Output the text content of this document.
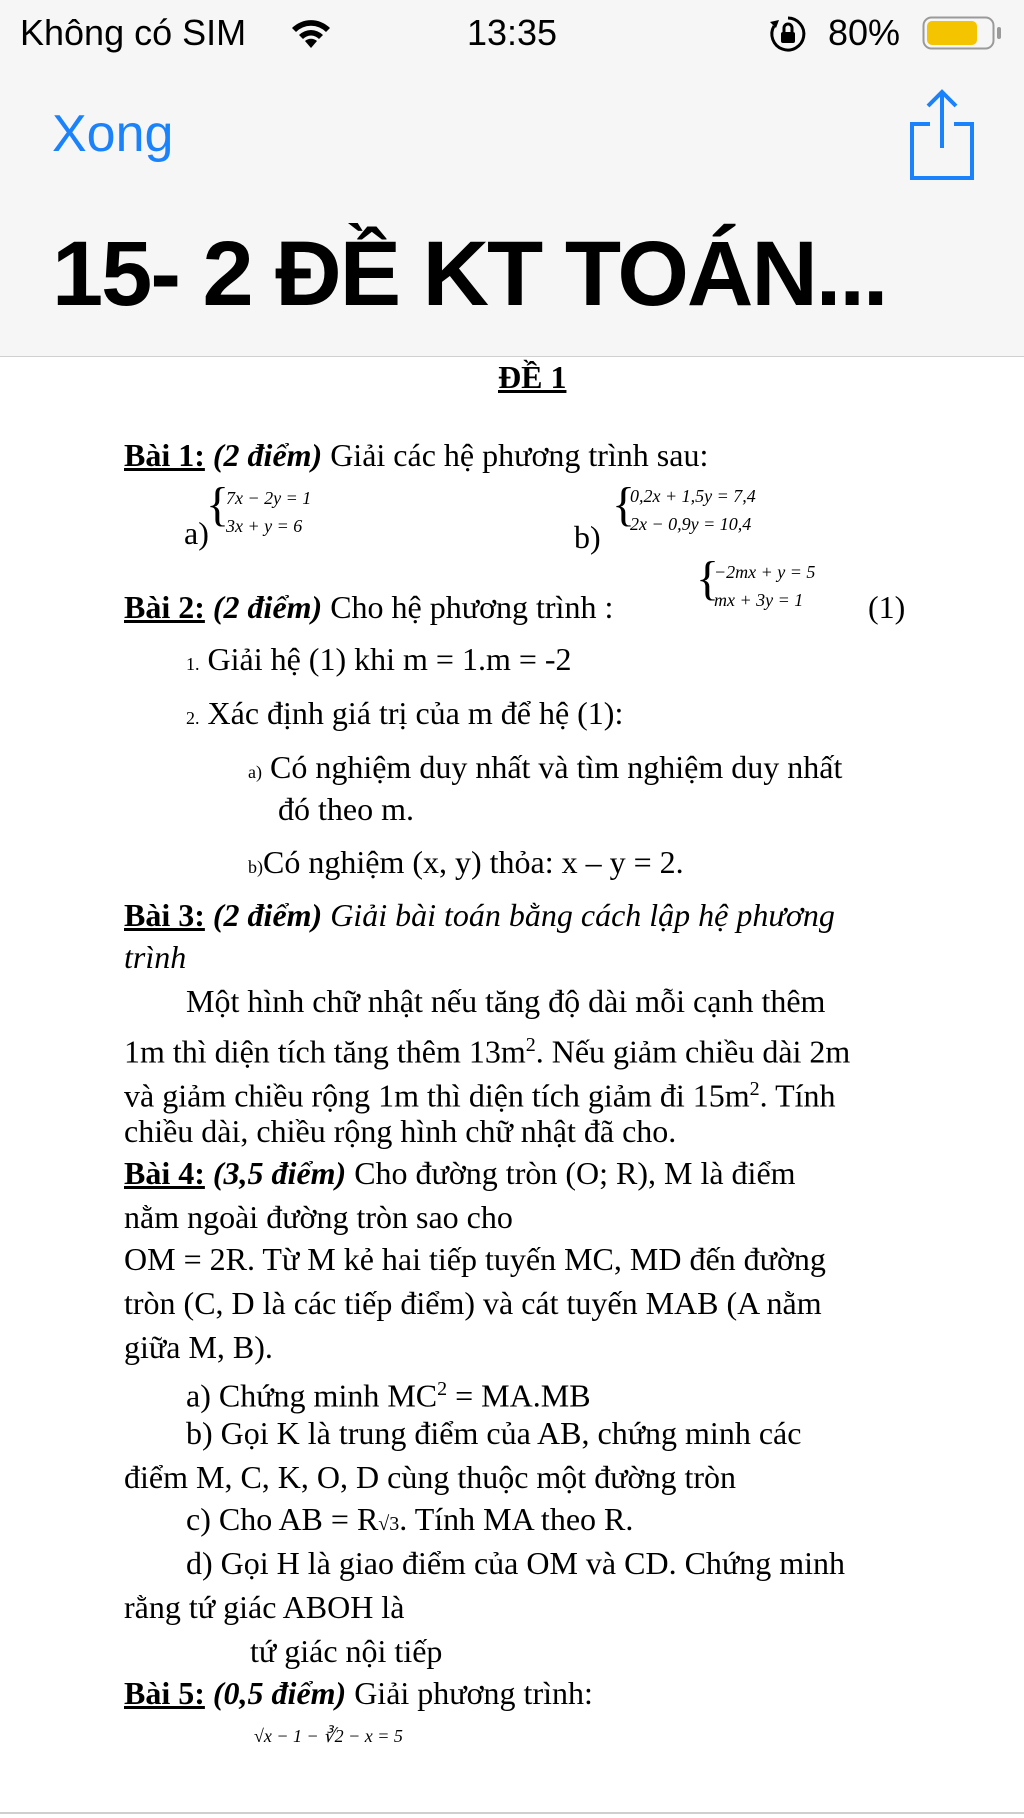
Không có SIM	13:35	80%
Xong
15- 2 ĐỀ KT TOÁN...
ĐỀ 1
Bài 1: (2 điểm) Giải các hệ phương trình sau:
a)
{
7x − 2y = 1
3x + y = 6	b)
{
0,2x + 1,5y = 7,4
2x − 0,9y = 10,4
Bài 2: (2 điểm) Cho hệ phương trình :
{
−2mx + y = 5
mx + 3y = 1 (1)
1. Giải hệ (1) khi m = 1.m = -2
2. Xác định giá trị của m để hệ (1):
a) Có nghiệm duy nhất và tìm nghiệm duy nhất
đó theo m.
b)Có nghiệm (x, y) thỏa: x – y = 2.
Bài 3: (2 điểm) Giải bài toán bằng cách lập hệ phương
trình
Một hình chữ nhật nếu tăng độ dài mỗi cạnh thêm
1m thì diện tích tăng thêm $13m^2$. Nếu giảm chiều dài 2m
và giảm chiều rộng 1m thì diện tích giảm đi $15m^2$. Tính
chiều dài, chiều rộng hình chữ nhật đã cho.
Bài 4: (3,5 điểm) Cho đường tròn (O; R), M là điểm
nằm ngoài đường tròn sao cho
OM = 2R. Từ M kẻ hai tiếp tuyến MC, MD đến đường
tròn (C, D là các tiếp điểm) và cát tuyến MAB (A nằm
giữa M, B).
a) Chứng minh $MC^2 = MA.MB$
b) Gọi K là trung điểm của AB, chứng minh các
điểm M, C, K, O, D cùng thuộc một đường tròn
c) Cho AB = R√3. Tính MA theo R.
d) Gọi H là giao điểm của OM và CD. Chứng minh
rằng tứ giác ABOH là
tứ giác nội tiếp
Bài 5: (0,5 điểm) Giải phương trình:
√x − 1 − ∛2 − x = 5
